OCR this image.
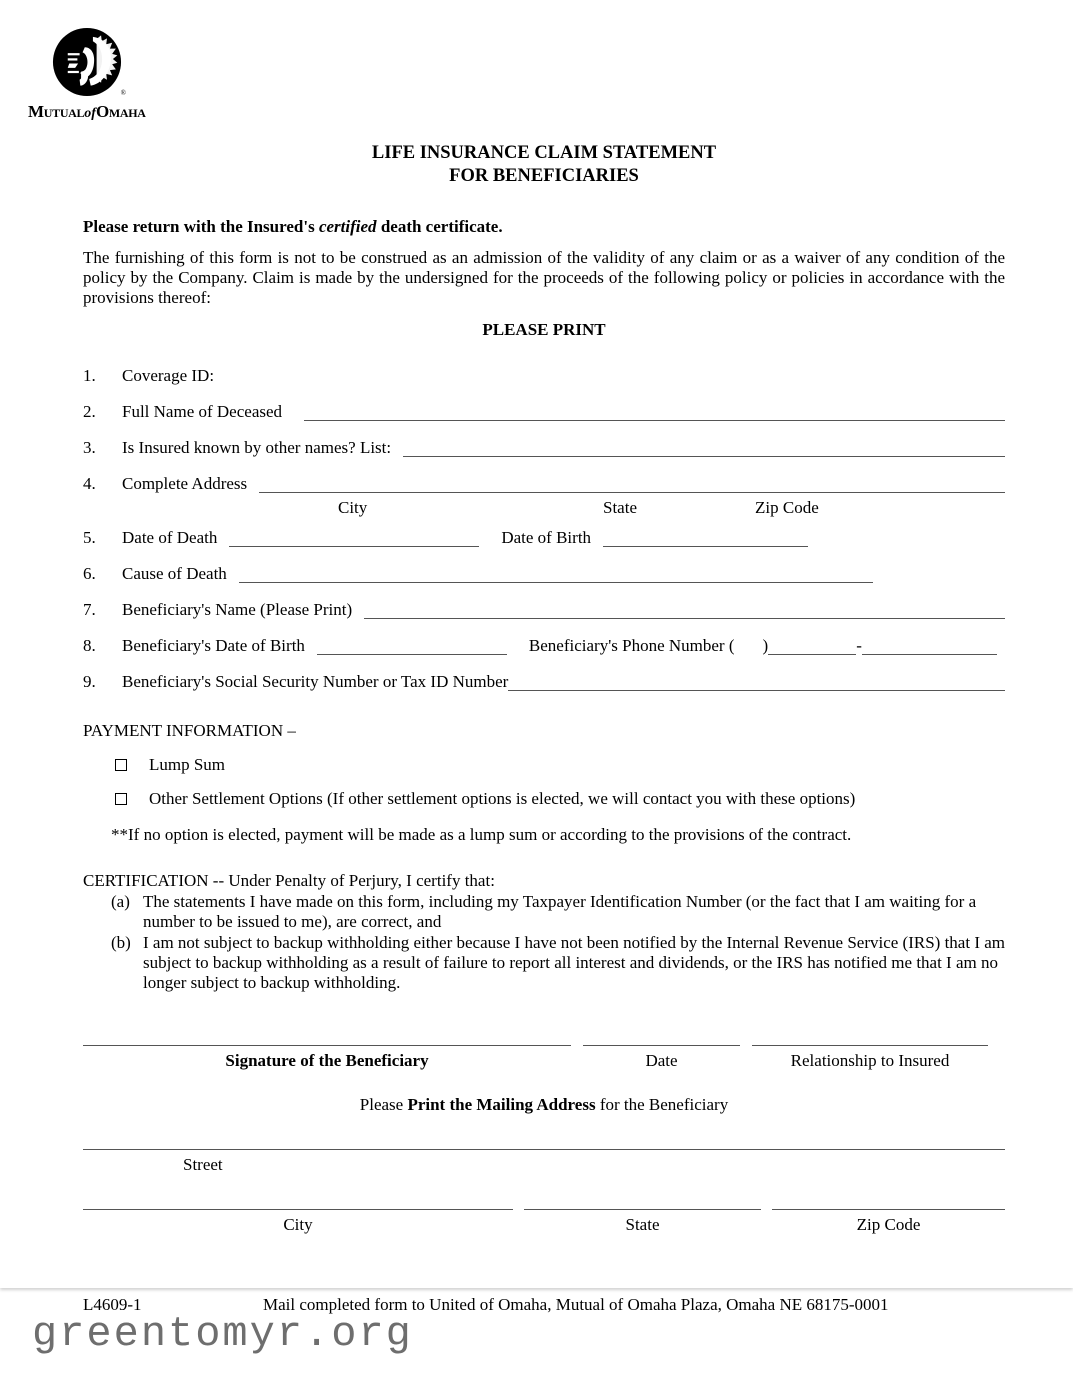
®
MutualofOmaha
LIFE INSURANCE CLAIM STATEMENT
FOR BENEFICIARIES
Please return with the Insured's certified death certificate.
The furnishing of this form is not to be construed as an admission of the validity of any claim or as a waiver of any condition of the policy by the Company. Claim is made by the undersigned for the proceeds of the following policy or policies in accordance with the provisions thereof:
PLEASE PRINT
1.	Coverage ID:
2.	Full Name of Deceased
3.	Is Insured known by other names? List:
4.	Complete Address
City	State	Zip Code
5.	Date of Death	Date of Birth
6.	Cause of Death
7.	Beneficiary's Name (Please Print)
8.	Beneficiary's Date of Birth	Beneficiary's Phone Number ( )	-
9.	Beneficiary's Social Security Number or Tax ID Number
PAYMENT INFORMATION –
Lump Sum
Other Settlement Options (If other settlement options is elected, we will contact you with these options)
**If no option is elected, payment will be made as a lump sum or according to the provisions of the contract.
CERTIFICATION -- Under Penalty of Perjury, I certify that:
(a) The statements I have made on this form, including my Taxpayer Identification Number (or the fact that I am waiting for a number to be issued to me), are correct, and
(b) I am not subject to backup withholding either because I have not been notified by the Internal Revenue Service (IRS) that I am subject to backup withholding as a result of failure to report all interest and dividends, or the IRS has notified me that I am no longer subject to backup withholding.
Signature of the Beneficiary	Date	Relationship to Insured
Please Print the Mailing Address for the Beneficiary
Street
City	State	Zip Code
L4609-1	Mail completed form to United of Omaha, Mutual of Omaha Plaza, Omaha NE 68175-0001
greentomyr.org
